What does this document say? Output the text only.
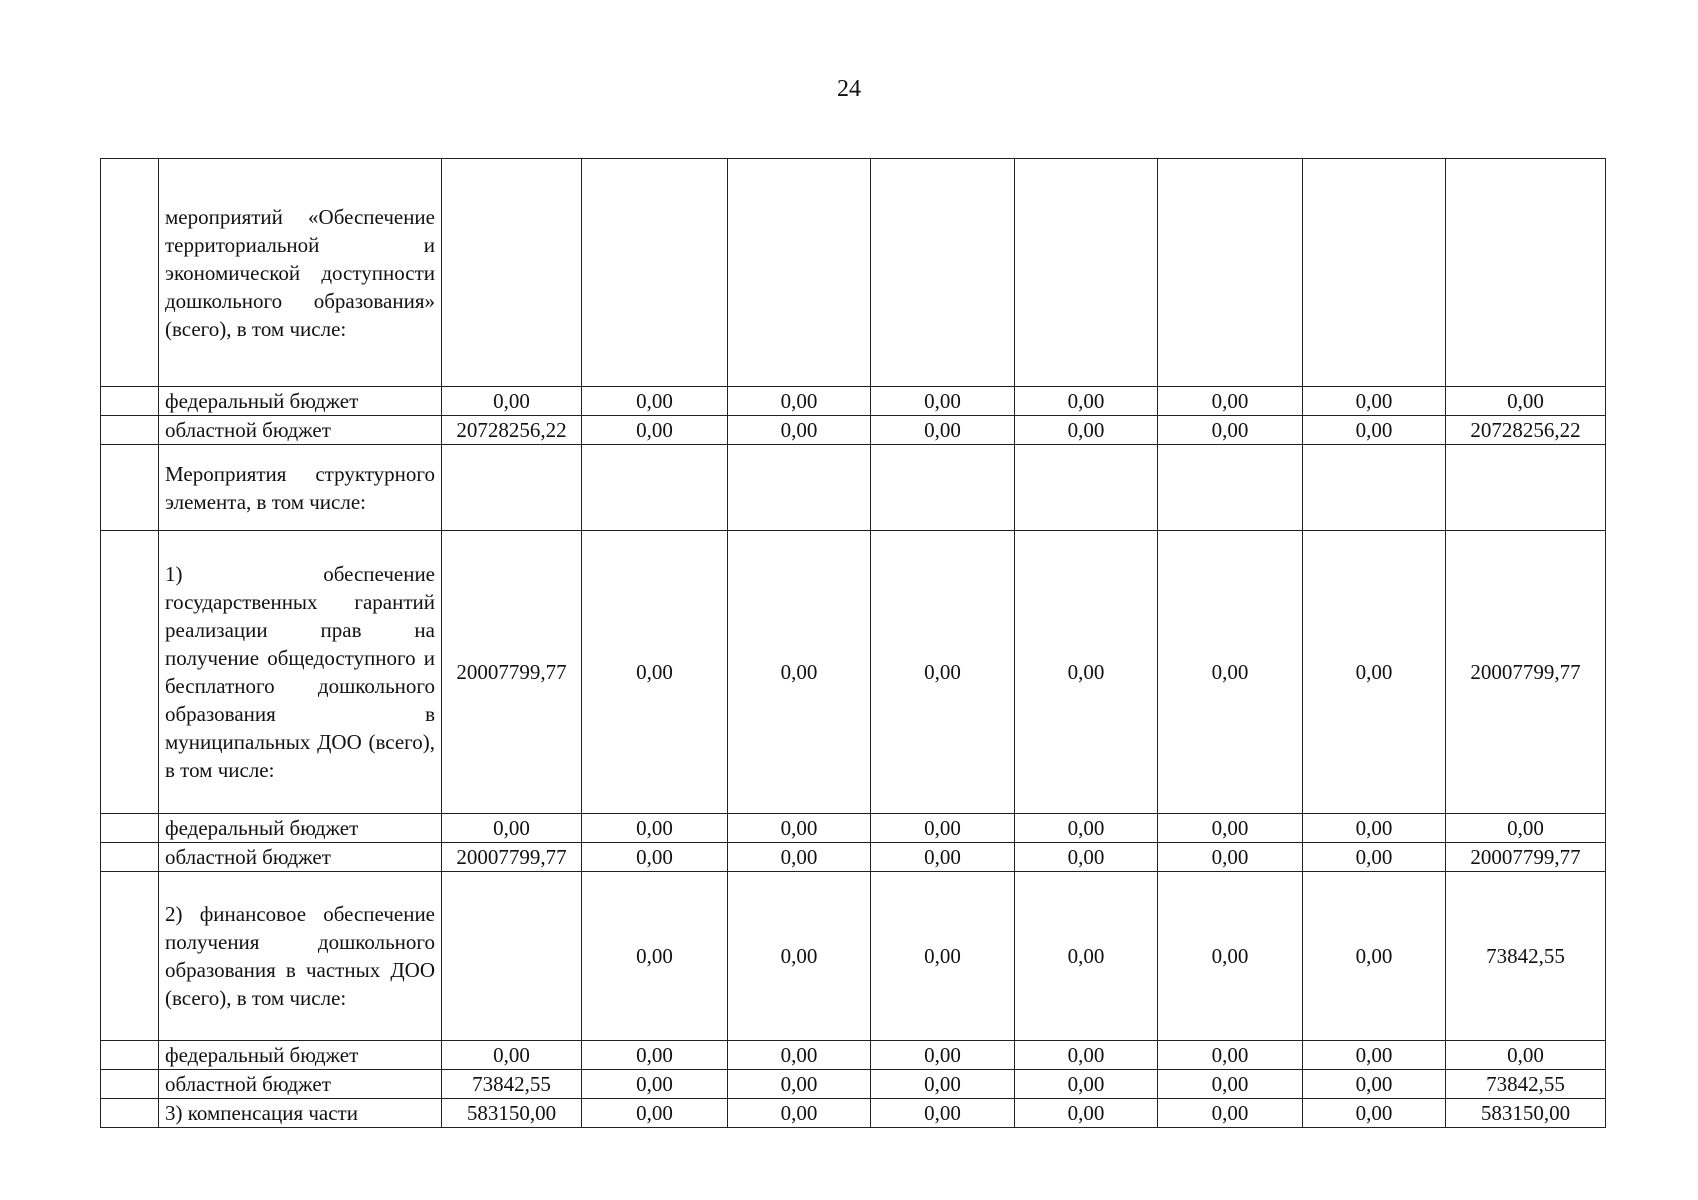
24
	мероприятий «Обеспечение территориальной и экономической доступности дошкольного образования» (всего), в том числе:								
	федеральный бюджет	0,00	0,00	0,00	0,00	0,00	0,00	0,00	0,00
	областной бюджет	20728256,22	0,00	0,00	0,00	0,00	0,00	0,00	20728256,22
	Мероприятия структурного элемента, в том числе:								
	1) обеспечение государственных гарантий реализации прав на получение общедоступного и бесплатного дошкольного образования в муниципальных ДОО (всего), в том числе:	20007799,77	0,00	0,00	0,00	0,00	0,00	0,00	20007799,77
	федеральный бюджет	0,00	0,00	0,00	0,00	0,00	0,00	0,00	0,00
	областной бюджет	20007799,77	0,00	0,00	0,00	0,00	0,00	0,00	20007799,77
	2) финансовое обеспечение получения дошкольного образования в частных ДОО (всего), в том числе:		0,00	0,00	0,00	0,00	0,00	0,00	73842,55
	федеральный бюджет	0,00	0,00	0,00	0,00	0,00	0,00	0,00	0,00
	областной бюджет	73842,55	0,00	0,00	0,00	0,00	0,00	0,00	73842,55
	3) компенсация части	583150,00	0,00	0,00	0,00	0,00	0,00	0,00	583150,00
